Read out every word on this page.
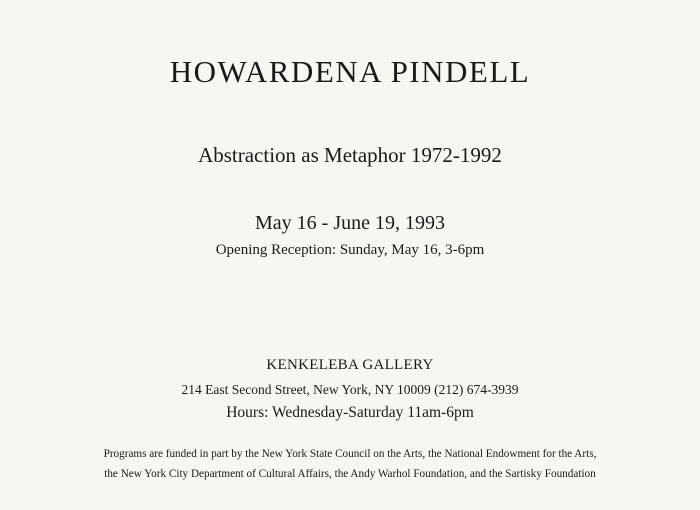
HOWARDENA PINDELL
Abstraction as Metaphor 1972-1992
May 16 - June 19, 1993
Opening Reception: Sunday, May 16, 3-6pm
KENKELEBA GALLERY
214 East Second Street, New York, NY 10009 (212) 674-3939
Hours: Wednesday-Saturday 11am-6pm
Programs are funded in part by the New York State Council on the Arts, the National Endowment for the Arts,
the New York City Department of Cultural Affairs, the Andy Warhol Foundation, and the Sartisky Foundation
